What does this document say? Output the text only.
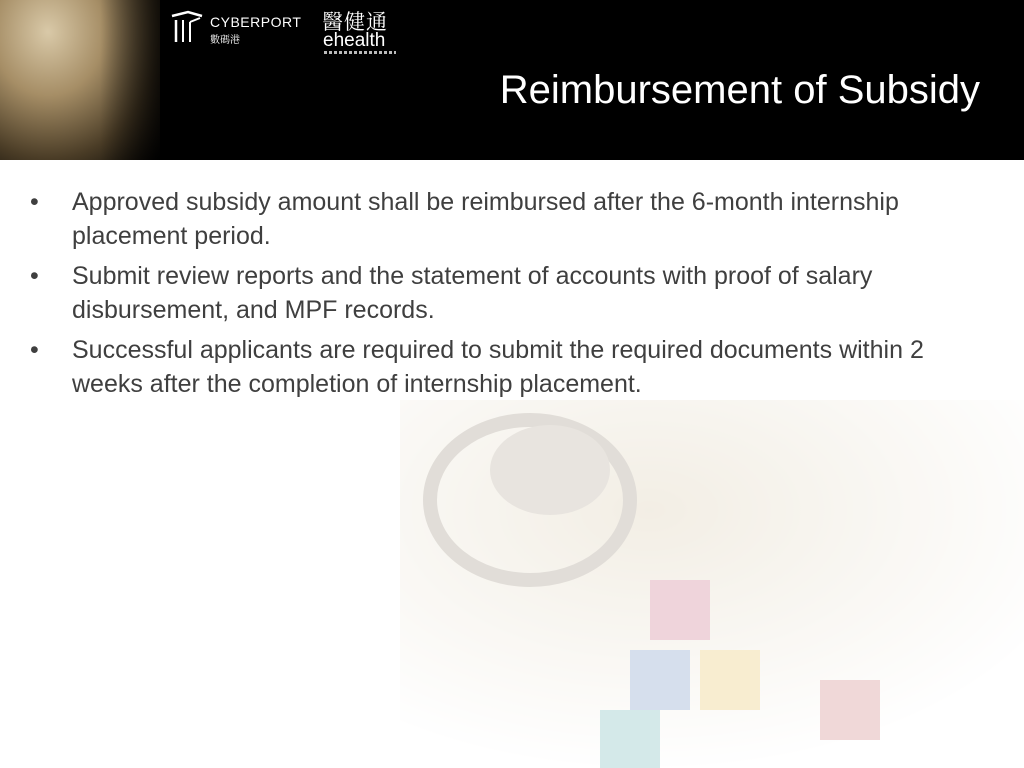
CYBERPORT
數碼港
醫健通
ehealth
Reimbursement of Subsidy
•	Approved subsidy amount shall be reimbursed after the 6-month internship placement period.
•	Submit review reports and the statement of accounts with proof of salary disbursement, and MPF records.
•	Successful applicants are required to submit the required documents within 2 weeks after the completion of internship placement.
